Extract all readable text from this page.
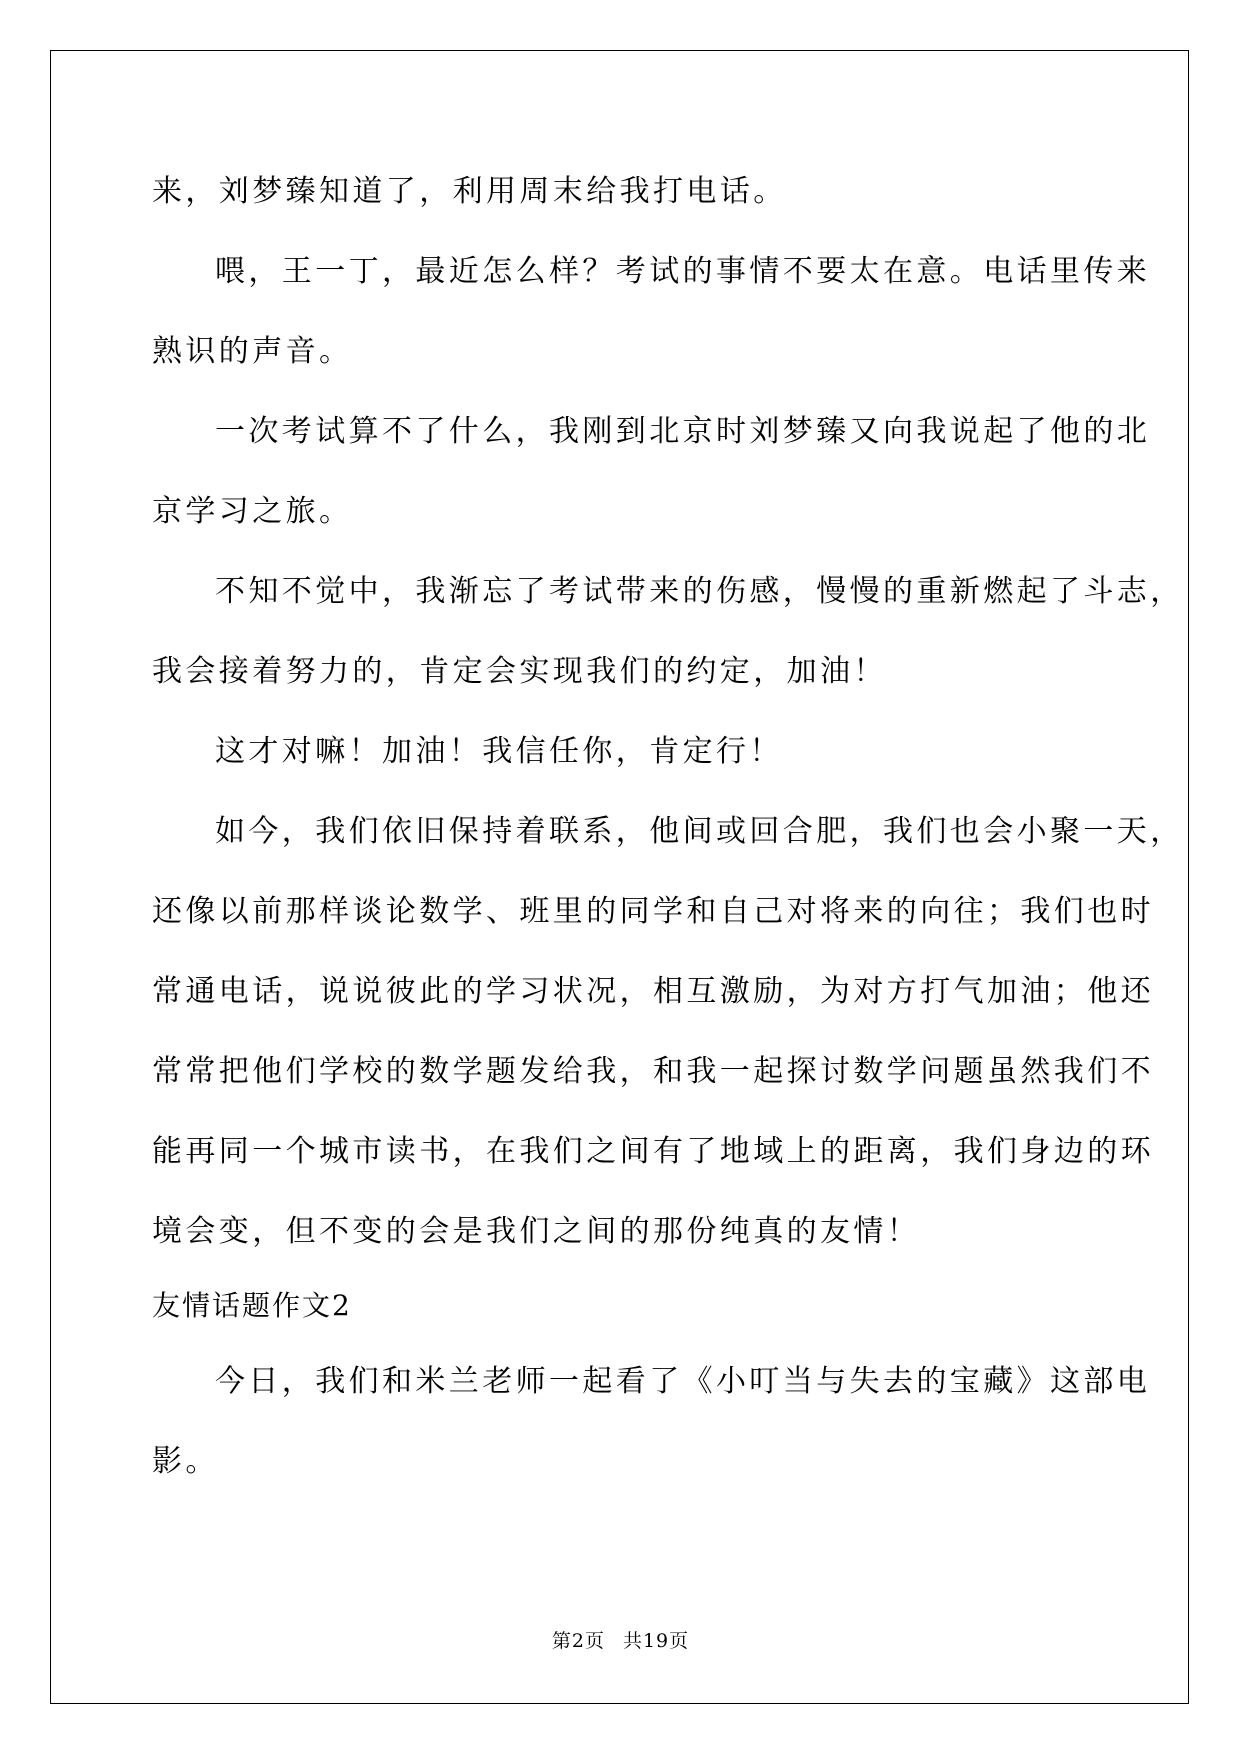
来，刘梦臻知道了，利用周末给我打电话。
喂，王一丁，最近怎么样？考试的事情不要太在意。电话里传来
熟识的声音。
一次考试算不了什么，我刚到北京时刘梦臻又向我说起了他的北
京学习之旅。
不知不觉中，我渐忘了考试带来的伤感，慢慢的重新燃起了斗志，
我会接着努力的，肯定会实现我们的约定，加油！
这才对嘛！加油！我信任你，肯定行！
如今，我们依旧保持着联系，他间或回合肥，我们也会小聚一天，
还像以前那样谈论数学、班里的同学和自己对将来的向往；我们也时
常通电话，说说彼此的学习状况，相互激励，为对方打气加油；他还
常常把他们学校的数学题发给我，和我一起探讨数学问题虽然我们不
能再同一个城市读书，在我们之间有了地域上的距离，我们身边的环
境会变，但不变的会是我们之间的那份纯真的友情！
友情话题作文2
今日，我们和米兰老师一起看了《小叮当与失去的宝藏》这部电
影。
第2页 共19页
